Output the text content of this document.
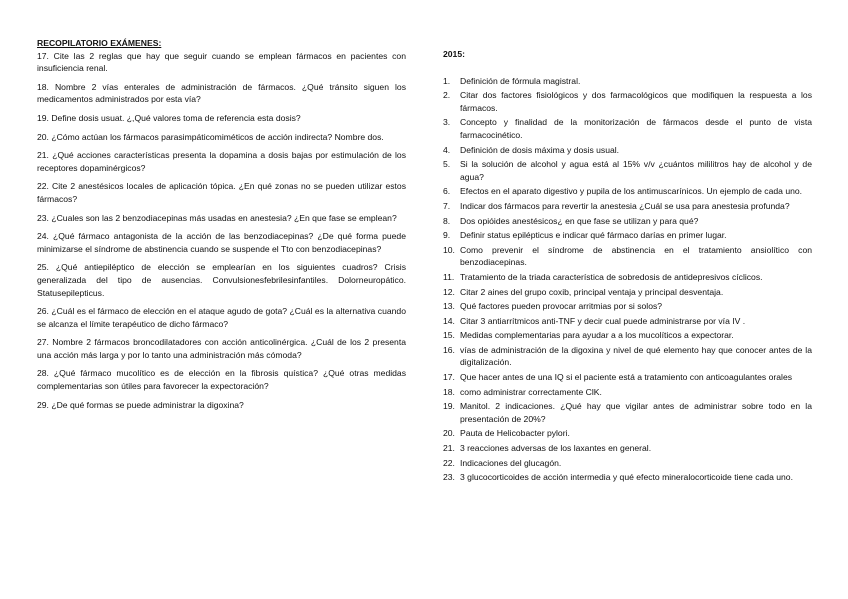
RECOPILATORIO EXÁMENES:

17. Cite las 2 reglas que hay que seguir cuando se emplean fármacos en pacientes con insuficiencia renal.

18. Nombre 2 vías enterales de administración de fármacos. ¿Qué tránsito siguen los medicamentos administrados por esta vía?

19. Define dosis usuat. ¿,Qué valores toma de referencia esta dosis?

20. ¿Cómo actúan los fármacos parasimpáticomiméticos de acción indirecta? Nombre dos.

21. ¿Qué acciones características presenta la dopamina a dosis bajas por estimulación de los receptores dopaminérgicos?

22. Cite 2 anestésicos locales de aplicación tópica. ¿En qué zonas no se pueden utilizar estos fármacos?

23. ¿Cuales son las 2 benzodiacepinas más usadas en anestesia? ¿En que fase se emplean?

24. ¿Qué fármaco antagonista de la acción de las benzodiacepinas? ¿De qué forma puede minimizarse el síndrome de abstinencia cuando se suspende el Tto con benzodiacepinas?

25. ¿Qué antiepiléptico de elección se emplearían en los siguientes cuadros? Crisis generalizada del tipo de ausencias. Convulsionesfebrilesinfantiles. Dolorneuropático. Statusepilepticus.

26. ¿Cuál es el fármaco de elección en el ataque agudo de gota? ¿Cuál es la alternativa cuando se alcanza el límite terapéutico de dicho fármaco?

27. Nombre 2 fármacos broncodilatadores con acción anticolinérgica. ¿Cuál de los 2 presenta una acción más larga y por lo tanto una administración más cómoda?

28. ¿Qué fármaco mucolítico es de elección en la fibrosis quística? ¿Qué otras medidas complementarias son útiles para favorecer la expectoración?

29. ¿De qué formas se puede administrar la digoxina?

2015:

1. Definición de fórmula magistral.
2. Citar dos factores fisiológicos y dos farmacológicos que modifiquen la respuesta a los fármacos.
3. Concepto y finalidad de la monitorización de fármacos desde el punto de vista farmacocinético.
4. Definición de dosis máxima y dosis usual.
5. Si la solución de alcohol y agua está al 15% v/v ¿cuántos mililitros hay de alcohol y de agua?
6. Efectos en el aparato digestivo y pupila de los antimuscarínicos. Un ejemplo de cada uno.
7. Indicar dos fármacos para revertir la anestesia ¿Cuál se usa para anestesia profunda?
8. Dos opióides anestésicos¿ en que fase se utilizan y para qué?
9. Definir status epilépticus e indicar qué fármaco darías en primer lugar.
10. Como prevenir el síndrome de abstinencia en el tratamiento ansiolítico con benzodiacepinas.
11. Tratamiento de la triada característica de sobredosis de antidepresivos cíclicos.
12. Citar 2 aines del grupo coxib, principal ventaja y principal desventaja.
13. Qué factores pueden provocar arritmias por si solos?
14. Citar 3 antiarrítmicos anti-TNF y decir cual puede administrarse por vía IV .
15. Medidas complementarias para ayudar a a los mucolíticos a expectorar.
16. vías de administración de la digoxina y nivel de qué elemento hay que conocer antes de la digitalización.
17. Que hacer antes de una IQ si el paciente está a tratamiento con anticoagulantes orales
18. como administrar correctamente ClK.
19. Manitol. 2 indicaciones. ¿Qué hay que vigilar antes de administrar sobre todo en la presentación de 20%?
20. Pauta de Helicobacter pylori.
21. 3 reacciones adversas de los laxantes en general.
22. Indicaciones del glucagón.
23. 3 glucocorticoides de acción intermedia y qué efecto mineralocorticoide tiene cada uno.
